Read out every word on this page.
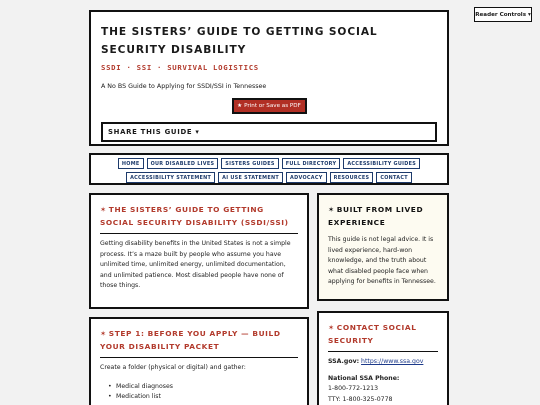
Reader Controls ▾
THE SISTERS’ GUIDE TO GETTING SOCIAL SECURITY DISABILITY
SSDI · SSI · SURVIVAL LOGISTICS
A No BS Guide to Applying for SSDI/SSI in Tennessee
★ Print or Save as PDF
SHARE THIS GUIDE ▾
HOME	OUR DISABLED LIVES	SISTERS GUIDES	FULL DIRECTORY	ACCESSIBILITY GUIDES
ACCESSIBILITY STATEMENT	AI USE STATEMENT	ADVOCACY	RESOURCES	CONTACT
✶ THE SISTERS’ GUIDE TO GETTING SOCIAL SECURITY DISABILITY (SSDI/SSI)

Getting disability benefits in the United States is not a simple process. It’s a maze built by people who assume you have unlimited time, unlimited energy, unlimited documentation, and unlimited patience. Most disabled people have none of those things.

✶ STEP 1: BEFORE YOU APPLY — BUILD YOUR DISABILITY PACKET

Create a folder (physical or digital) and gather:

• Medical diagnoses
• Medication list
✶ BUILT FROM LIVED EXPERIENCE

This guide is not legal advice. It is lived experience, hard-won knowledge, and the truth about what disabled people face when applying for benefits in Tennessee.

✶ CONTACT SOCIAL SECURITY

SSA.gov: https://www.ssa.gov

National SSA Phone:

1-800-772-1213

TTY: 1-800-325-0778
